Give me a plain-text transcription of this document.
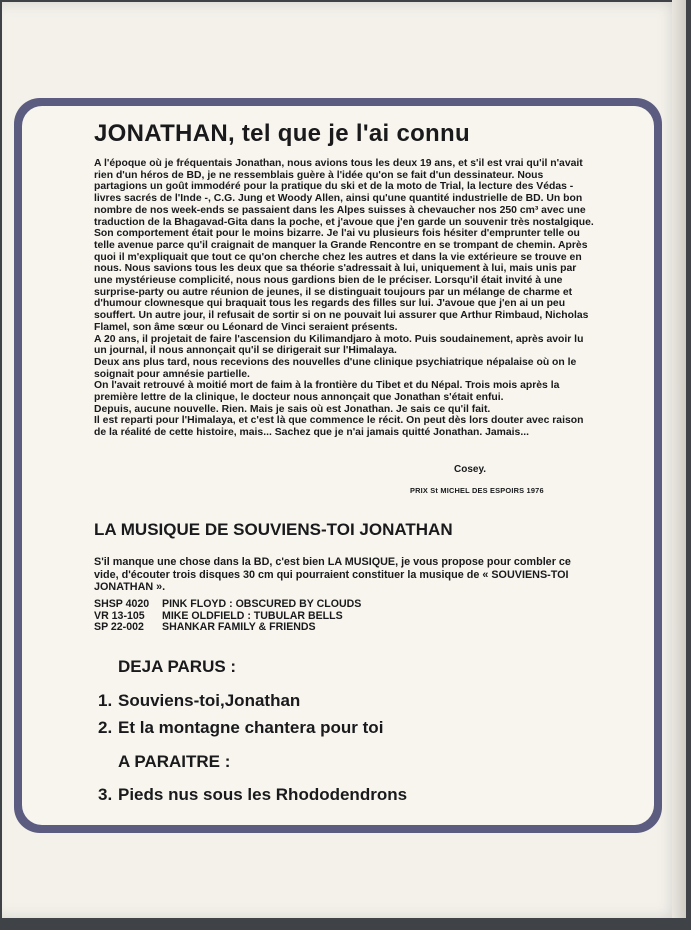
JONATHAN, tel que je l'ai connu

A l'époque où je fréquentais Jonathan, nous avions tous les deux 19 ans, et s'il est vrai qu'il n'avait rien d'un héros de BD, je ne ressemblais guère à l'idée qu'on se fait d'un dessinateur. Nous partagions un goût immodéré pour la pratique du ski et de la moto de Trial, la lecture des Védas - livres sacrés de l'Inde -, C.G. Jung et Woody Allen, ainsi qu'une quantité industrielle de BD. Un bon nombre de nos week-ends se passaient dans les Alpes suisses à chevaucher nos 250 cm³ avec une traduction de la Bhagavad-Gita dans la poche, et j'avoue que j'en garde un souvenir très nostalgique. Son comportement était pour le moins bizarre. Je l'ai vu plusieurs fois hésiter d'emprunter telle ou telle avenue parce qu'il craignait de manquer la Grande Rencontre en se trompant de chemin. Après quoi il m'expliquait que tout ce qu'on cherche chez les autres et dans la vie extérieure se trouve en nous. Nous savions tous les deux que sa théorie s'adressait à lui, uniquement à lui, mais unis par une mystérieuse complicité, nous nous gardions bien de le préciser. Lorsqu'il était invité à une surprise-party ou autre réunion de jeunes, il se distinguait toujours par un mélange de charme et d'humour clownesque qui braquait tous les regards des filles sur lui. J'avoue que j'en ai un peu souffert. Un autre jour, il refusait de sortir si on ne pouvait lui assurer que Arthur Rimbaud, Nicholas Flamel, son âme sœur ou Léonard de Vinci seraient présents.

A 20 ans, il projetait de faire l'ascension du Kilimandjaro à moto. Puis soudainement, après avoir lu un journal, il nous annonçait qu'il se dirigerait sur l'Himalaya.

Deux ans plus tard, nous recevions des nouvelles d'une clinique psychiatrique népalaise où on le soignait pour amnésie partielle.

On l'avait retrouvé à moitié mort de faim à la frontière du Tibet et du Népal. Trois mois après la première lettre de la clinique, le docteur nous annonçait que Jonathan s'était enfui.

Depuis, aucune nouvelle. Rien. Mais je sais où est Jonathan. Je sais ce qu'il fait.

Il est reparti pour l'Himalaya, et c'est là que commence le récit. On peut dès lors douter avec raison de la réalité de cette histoire, mais... Sachez que je n'ai jamais quitté Jonathan. Jamais...

Cosey.
PRIX St MICHEL DES ESPOIRS 1976
LA MUSIQUE DE SOUVIENS-TOI JONATHAN
S'il manque une chose dans la BD, c'est bien LA MUSIQUE, je vous propose pour combler ce vide, d'écouter trois disques 30 cm qui pourraient constituer la musique de « SOUVIENS-TOI JONATHAN ».
SHSP 4020	PINK FLOYD : OBSCURED BY CLOUDS
VR 13-105	MIKE OLDFIELD : TUBULAR BELLS
SP 22-002	SHANKAR FAMILY & FRIENDS
DEJA PARUS :
1. Souviens-toi,Jonathan
2. Et la montagne chantera pour toi
A PARAITRE :
3. Pieds nus sous les Rhododendrons
